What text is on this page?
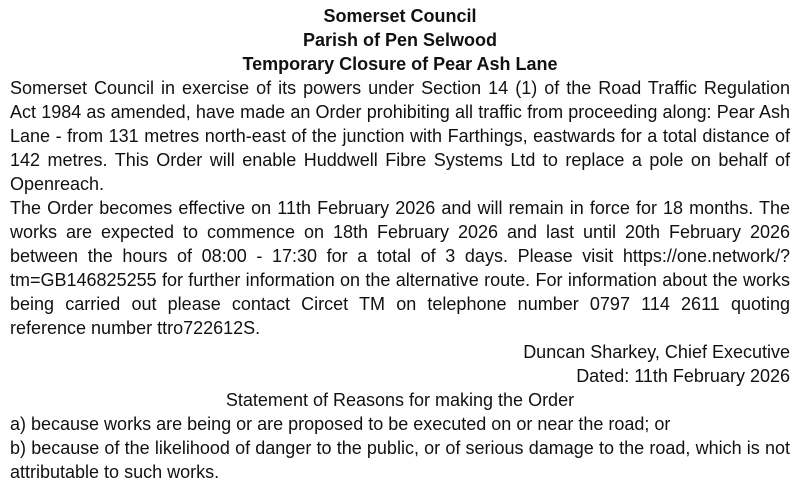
Somerset Council

Parish of Pen Selwood

Temporary Closure of Pear Ash Lane

Somerset Council in exercise of its powers under Section 14 (1) of the Road Traffic Regulation Act 1984 as amended, have made an Order prohibiting all traffic from proceeding along: Pear Ash Lane - from 131 metres north-east of the junction with Farthings, eastwards for a total distance of 142 metres. This Order will enable Huddwell Fibre Systems Ltd to replace a pole on behalf of Openreach.

The Order becomes effective on 11th February 2026 and will remain in force for 18 months. The works are expected to commence on 18th February 2026 and last until 20th February 2026 between the hours of 08:00 - 17:30 for a total of 3 days. Please visit https://one.network/?tm=GB146825255 for further information on the alternative route. For information about the works being carried out please contact Circet TM on telephone number 0797 114 2611 quoting reference number ttro722612S.

Duncan Sharkey, Chief Executive

Dated: 11th February 2026

Statement of Reasons for making the Order

a) because works are being or are proposed to be executed on or near the road; or

b) because of the likelihood of danger to the public, or of serious damage to the road, which is not attributable to such works.
